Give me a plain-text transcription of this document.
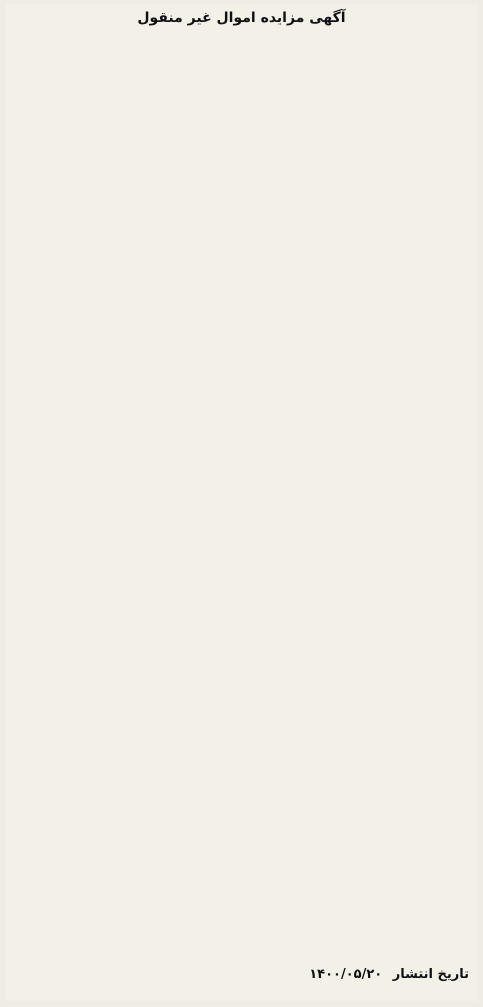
آگهی مزایده اموال غیر منقول

تاریخ انتشار ۱۴۰۰/۰۵/۲۰
